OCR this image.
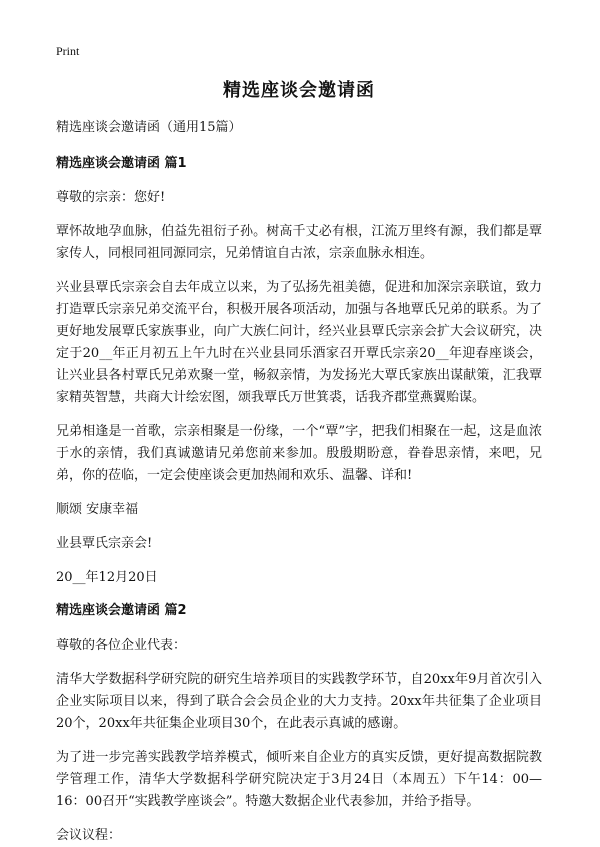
Print
精选座谈会邀请函
精选座谈会邀请函（通用15篇）
精选座谈会邀请函 篇1
尊敬的宗亲：您好!
覃怀故地孕血脉，伯益先祖衍子孙。树高千丈必有根，江流万里终有源，我们都是覃家传人，同根同祖同源同宗，兄弟情谊自古浓，宗亲血脉永相连。
兴业县覃氏宗亲会自去年成立以来，为了弘扬先祖美德，促进和加深宗亲联谊，致力打造覃氏宗亲兄弟交流平台，积极开展各项活动，加强与各地覃氏兄弟的联系。为了更好地发展覃氏家族事业，向广大族仁问计，经兴业县覃氏宗亲会扩大会议研究，决定于20__年正月初五上午九时在兴业县同乐酒家召开覃氏宗亲20__年迎春座谈会，让兴业县各村覃氏兄弟欢聚一堂，畅叙亲情，为发扬光大覃氏家族出谋献策，汇我覃家精英智慧，共商大计绘宏图，颂我覃氏万世箕裘，话我齐郡堂燕翼贻谋。
兄弟相逢是一首歌，宗亲相聚是一份缘，一个“覃”字，把我们相聚在一起，这是血浓于水的亲情，我们真诚邀请兄弟您前来参加。殷殷期盼意，眷眷思亲情，来吧，兄弟，你的莅临，一定会使座谈会更加热闹和欢乐、温馨、详和!
顺颂 安康幸福
业县覃氏宗亲会!
20__年12月20日
精选座谈会邀请函 篇2
尊敬的各位企业代表：
清华大学数据科学研究院的研究生培养项目的实践教学环节，自20xx年9月首次引入企业实际项目以来，得到了联合会会员企业的大力支持。20xx年共征集了企业项目20个，20xx年共征集企业项目30个，在此表示真诚的感谢。
为了进一步完善实践教学培养模式，倾听来自企业方的真实反馈，更好提高数据院教学管理工作，清华大学数据科学研究院决定于3月24日（本周五）下午14：00—16：00召开“实践教学座谈会”。特邀大数据企业代表参加，并给予指导。
会议议程：
